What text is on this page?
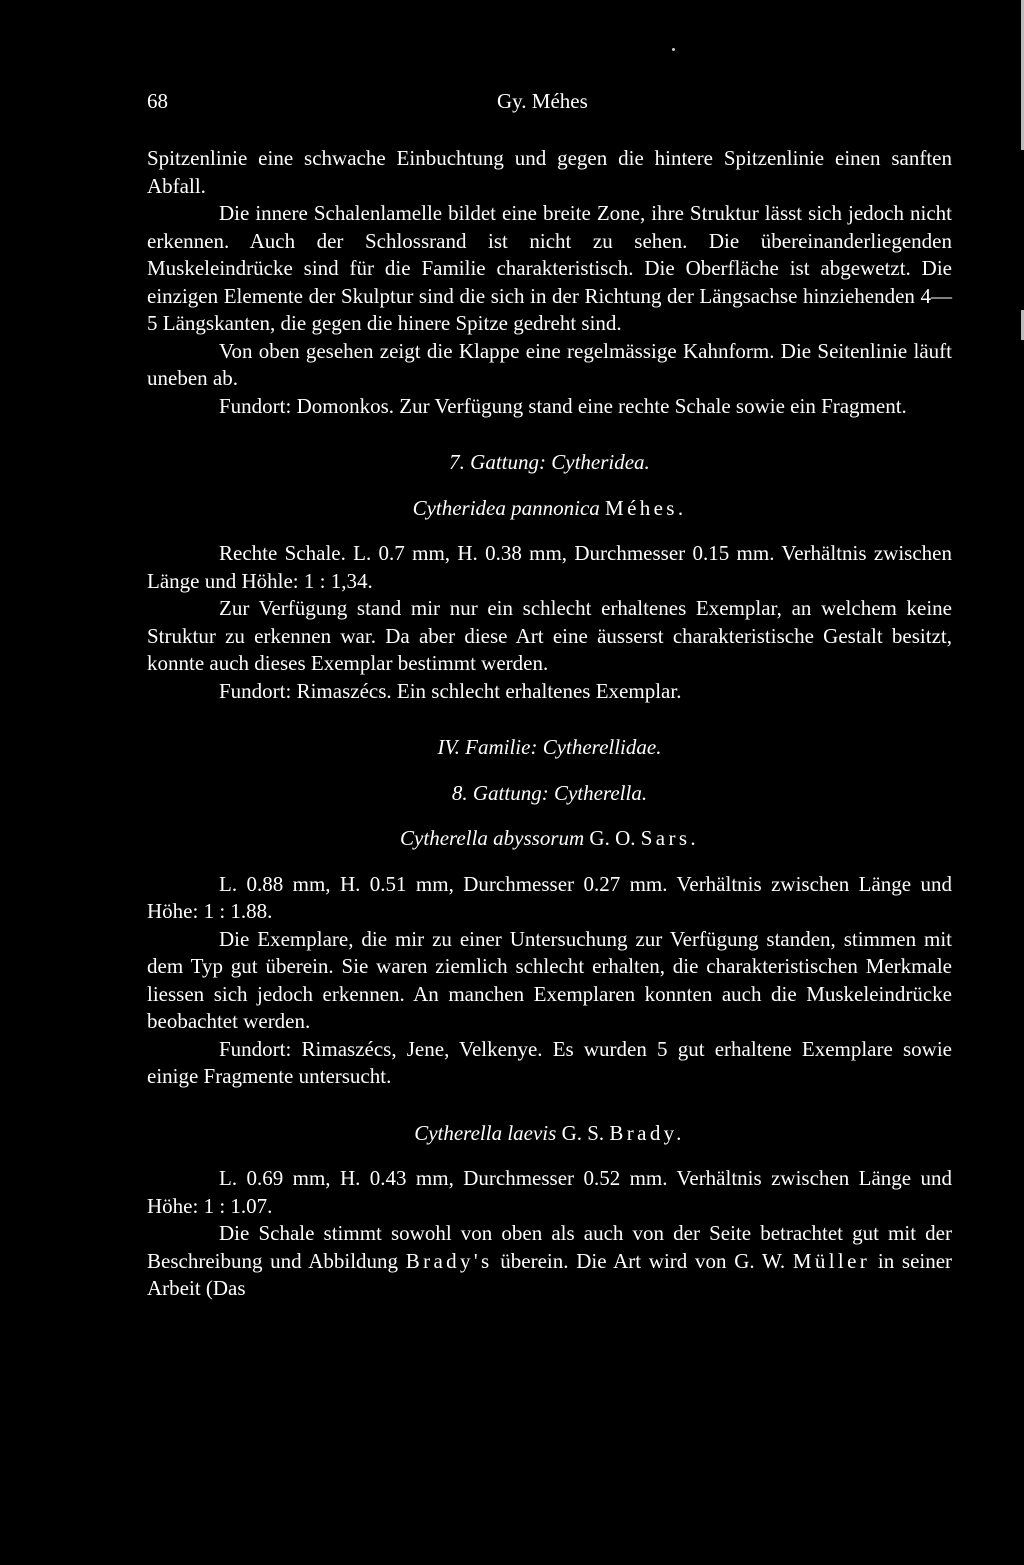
68	Gy. Méhes

Spitzenlinie eine schwache Einbuchtung und gegen die hintere Spitzenlinie einen sanften Abfall.

Die innere Schalenlamelle bildet eine breite Zone, ihre Struktur lässt sich jedoch nicht erkennen. Auch der Schlossrand ist nicht zu sehen. Die übereinanderliegenden Muskeleindrücke sind für die Familie charakteristisch. Die Oberfläche ist abgewetzt. Die einzigen Elemente der Skulptur sind die sich in der Richtung der Längsachse hinziehenden 4—5 Längskanten, die gegen die hinere Spitze gedreht sind.

Von oben gesehen zeigt die Klappe eine regelmässige Kahnform. Die Seitenlinie läuft uneben ab.

Fundort: Domonkos. Zur Verfügung stand eine rechte Schale sowie ein Fragment.

7. Gattung: Cytheridea.

Cytheridea pannonica Méhes.

Rechte Schale. L. 0.7 mm, H. 0.38 mm, Durchmesser 0.15 mm. Verhältnis zwischen Länge und Höhle: 1 : 1,34.

Zur Verfügung stand mir nur ein schlecht erhaltenes Exemplar, an welchem keine Struktur zu erkennen war. Da aber diese Art eine äusserst charakteristische Gestalt besitzt, konnte auch dieses Exemplar bestimmt werden.

Fundort: Rimaszécs. Ein schlecht erhaltenes Exemplar.

IV. Familie: Cytherellidae.

8. Gattung: Cytherella.

Cytherella abyssorum G. O. Sars.

L. 0.88 mm, H. 0.51 mm, Durchmesser 0.27 mm. Verhältnis zwischen Länge und Höhe: 1 : 1.88.

Die Exemplare, die mir zu einer Untersuchung zur Verfügung standen, stimmen mit dem Typ gut überein. Sie waren ziemlich schlecht erhalten, die charakteristischen Merkmale liessen sich jedoch erkennen. An manchen Exemplaren konnten auch die Muskeleindrücke beobachtet werden.

Fundort: Rimaszécs, Jene, Velkenye. Es wurden 5 gut erhaltene Exemplare sowie einige Fragmente untersucht.

Cytherella laevis G. S. Brady.

L. 0.69 mm, H. 0.43 mm, Durchmesser 0.52 mm. Verhältnis zwischen Länge und Höhe: 1 : 1.07.

Die Schale stimmt sowohl von oben als auch von der Seite betrachtet gut mit der Beschreibung und Abbildung Brady's überein. Die Art wird von G. W. Müller in seiner Arbeit (Das
